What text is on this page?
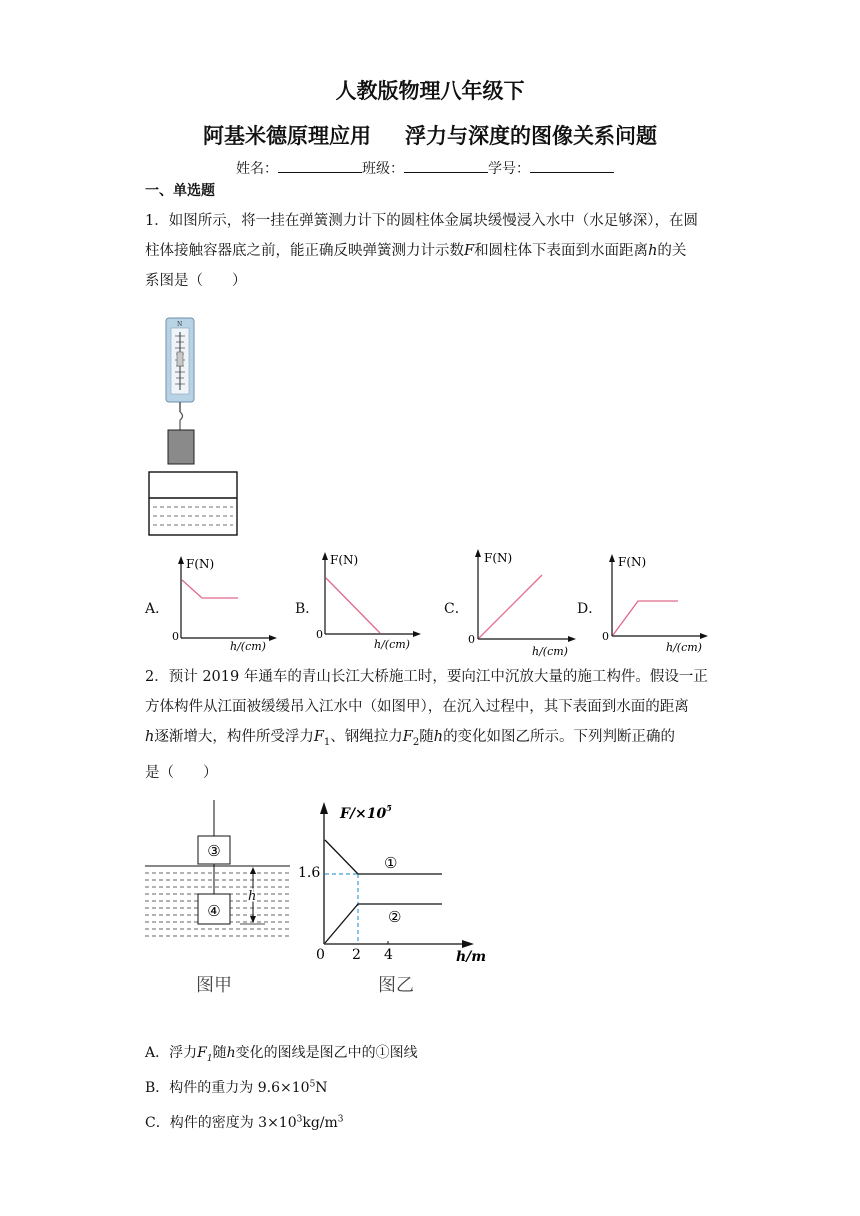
人教版物理八年级下
阿基米德原理应用 浮力与深度的图像关系问题
姓名：	班级：	学号：
一、单选题
1．如图所示，将一挂在弹簧测力计下的圆柱体金属块缓慢浸入水中（水足够深），在圆
柱体接触容器底之前，能正确反映弹簧测力计示数F和圆柱体下表面到水面距离h的关
系图是（　　）
N
A．	B．	C．	D．
F(N)
0
h/(cm)
F(N)
0
h/(cm)
F(N)
0
h/(cm)
F(N)
0
h/(cm)
2．预计 2019 年通车的青山长江大桥施工时，要向江中沉放大量的施工构件。假设一正
方体构件从江面被缓缓吊入江水中（如图甲），在沉入过程中，其下表面到水面的距离
h逐渐增大，构件所受浮力$F_1$、钢绳拉力$F_2$随h的变化如图乙所示。下列判断正确的
是（　　）
③
④
h
图甲
$F/\times 10^5$
1.6
0 2 4	h/m
①
②
图乙
A．浮力$F_1$随h变化的图线是图乙中的①图线
B．构件的重力为 $9.6\times 10^5N$
C．构件的密度为 $3\times 10^3kg/m^3$
